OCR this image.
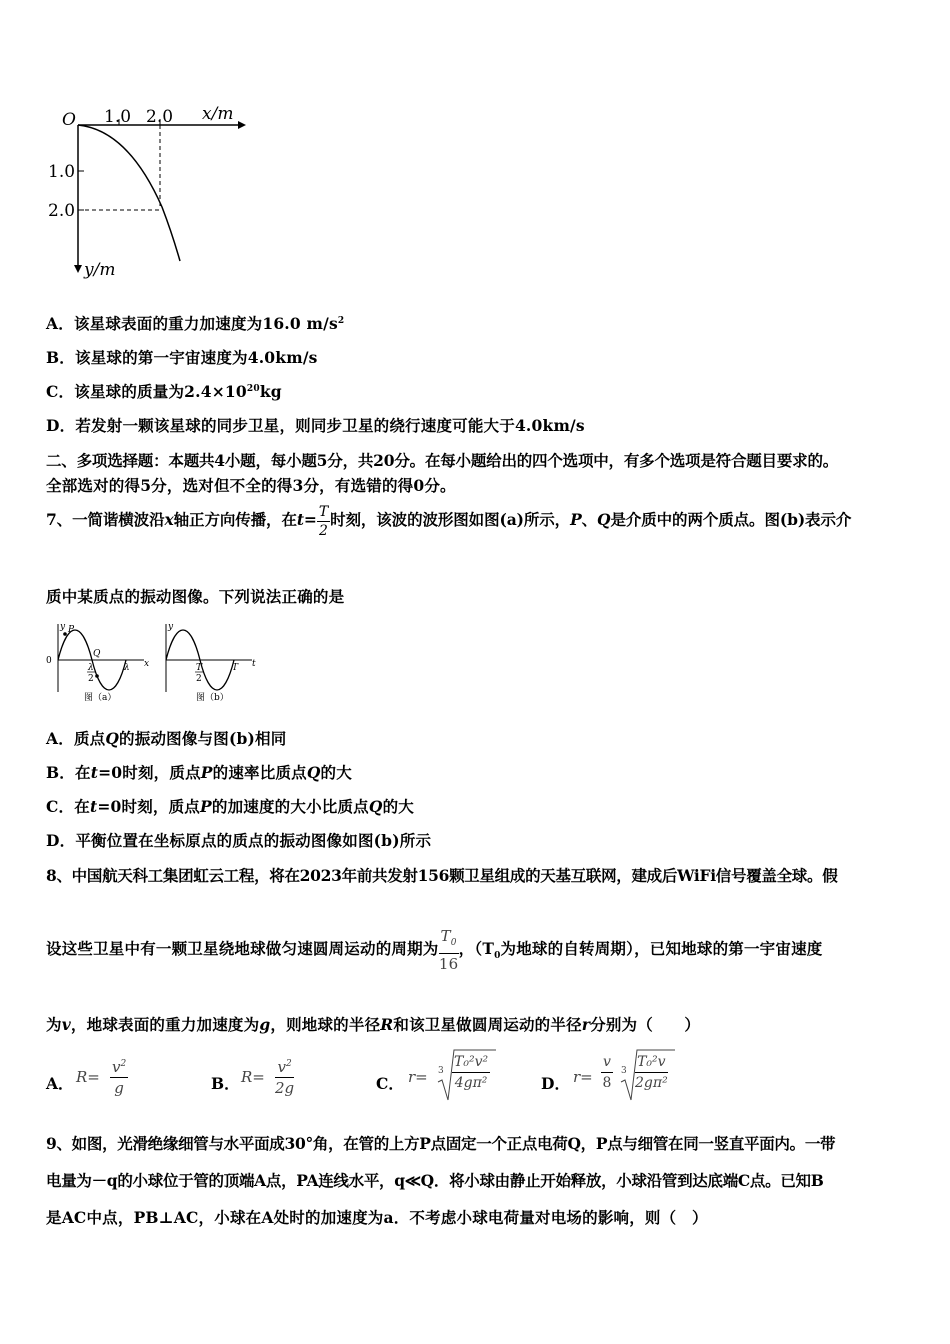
O 1.0 2.0 x/m
1.0
2.0
y/m
A．该星球表面的重力加速度为16.0 $m/s^2$
B．该星球的第一宇宙速度为4.0km/s
C．该星球的质量为$2.4\times 10^{20}kg$
D．若发射一颗该星球的同步卫星，则同步卫星的绕行速度可能大于4.0km/s
二、多项选择题：本题共4小题，每小题5分，共20分。在每小题给出的四个选项中，有多个选项是符合题目要求的。
全部选对的得5分，选对但不全的得3分，有选错的得0分。
7、一简谐横波沿x轴正方向传播，在$t= \frac{T}{2}$ 时刻，该波的波形图如图(a)所示，P、Q是介质中的两个质点。图(b)表示介
质中某质点的振动图像。下列说法正确的是
y P
Q
0
λ
2
λ x
图（a）
y
T
2
T t
图（b）
A．质点Q的振动图像与图(b)相同
B．在t=0时刻，质点P的速率比质点Q的大
C．在t=0时刻，质点P的加速度的大小比质点Q的大
D．平衡位置在坐标原点的质点的振动图像如图(b)所示
8、中国航天科工集团虹云工程，将在2023年前共发射156颗卫星组成的天基互联网，建成后WiFi信号覆盖全球。假
设这些卫星中有一颗卫星绕地球做匀速圆周运动的周期为 $\frac{T_0}{16}$ ，（$T_0$为地球的自转周期），已知地球的第一宇宙速度
为v，地球表面的重力加速度为g，则地球的半径R和该卫星做圆周运动的半径r分别为（　　）
A． $R= \frac{v^2}{g}$	B． $R= \frac{v^2}{2g}$	C． $r= 3 \frac{\text{T₀²v²}}{\text{4gπ²}}$	D． $r= \frac{v}{8} 3 \frac{\text{T₀²v}}{\text{2gπ²}}$
9、如图，光滑绝缘细管与水平面成30°角，在管的上方P点固定一个正点电荷Q，P点与细管在同一竖直平面内。一带
电量为－q的小球位于管的顶端A点，PA连线水平，q≪Q．将小球由静止开始释放，小球沿管到达底端C点。已知B
是AC中点，PB⊥AC，小球在A处时的加速度为a．不考虑小球电荷量对电场的影响，则（　）
